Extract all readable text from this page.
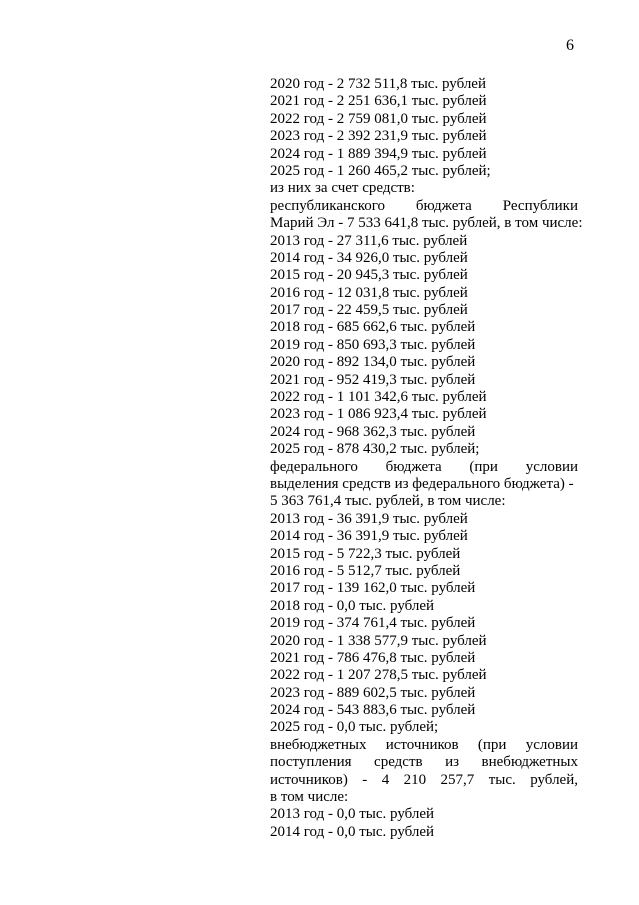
6
2020 год - 2 732 511,8 тыс. рублей
2021 год - 2 251 636,1 тыс. рублей
2022 год - 2 759 081,0 тыс. рублей
2023 год - 2 392 231,9 тыс. рублей
2024 год - 1 889 394,9 тыс. рублей
2025 год - 1 260 465,2 тыс. рублей;
из них за счет средств:
республиканского бюджета Республики
Марий Эл - 7 533 641,8 тыс. рублей, в том числе:
2013 год - 27 311,6 тыс. рублей
2014 год - 34 926,0 тыс. рублей
2015 год - 20 945,3 тыс. рублей
2016 год - 12 031,8 тыс. рублей
2017 год - 22 459,5 тыс. рублей
2018 год - 685 662,6 тыс. рублей
2019 год - 850 693,3 тыс. рублей
2020 год - 892 134,0 тыс. рублей
2021 год - 952 419,3 тыс. рублей
2022 год - 1 101 342,6 тыс. рублей
2023 год - 1 086 923,4 тыс. рублей
2024 год - 968 362,3 тыс. рублей
2025 год - 878 430,2 тыс. рублей;
федерального бюджета (при условии
выделения средств из федерального бюджета) -
5 363 761,4 тыс. рублей, в том числе:
2013 год - 36 391,9 тыс. рублей
2014 год - 36 391,9 тыс. рублей
2015 год - 5 722,3 тыс. рублей
2016 год - 5 512,7 тыс. рублей
2017 год - 139 162,0 тыс. рублей
2018 год - 0,0 тыс. рублей
2019 год - 374 761,4 тыс. рублей
2020 год - 1 338 577,9 тыс. рублей
2021 год - 786 476,8 тыс. рублей
2022 год - 1 207 278,5 тыс. рублей
2023 год - 889 602,5 тыс. рублей
2024 год - 543 883,6 тыс. рублей
2025 год - 0,0 тыс. рублей;
внебюджетных источников (при условии
поступления средств из внебюджетных
источников) - 4 210 257,7 тыс. рублей,
в том числе:
2013 год - 0,0 тыс. рублей
2014 год - 0,0 тыс. рублей
